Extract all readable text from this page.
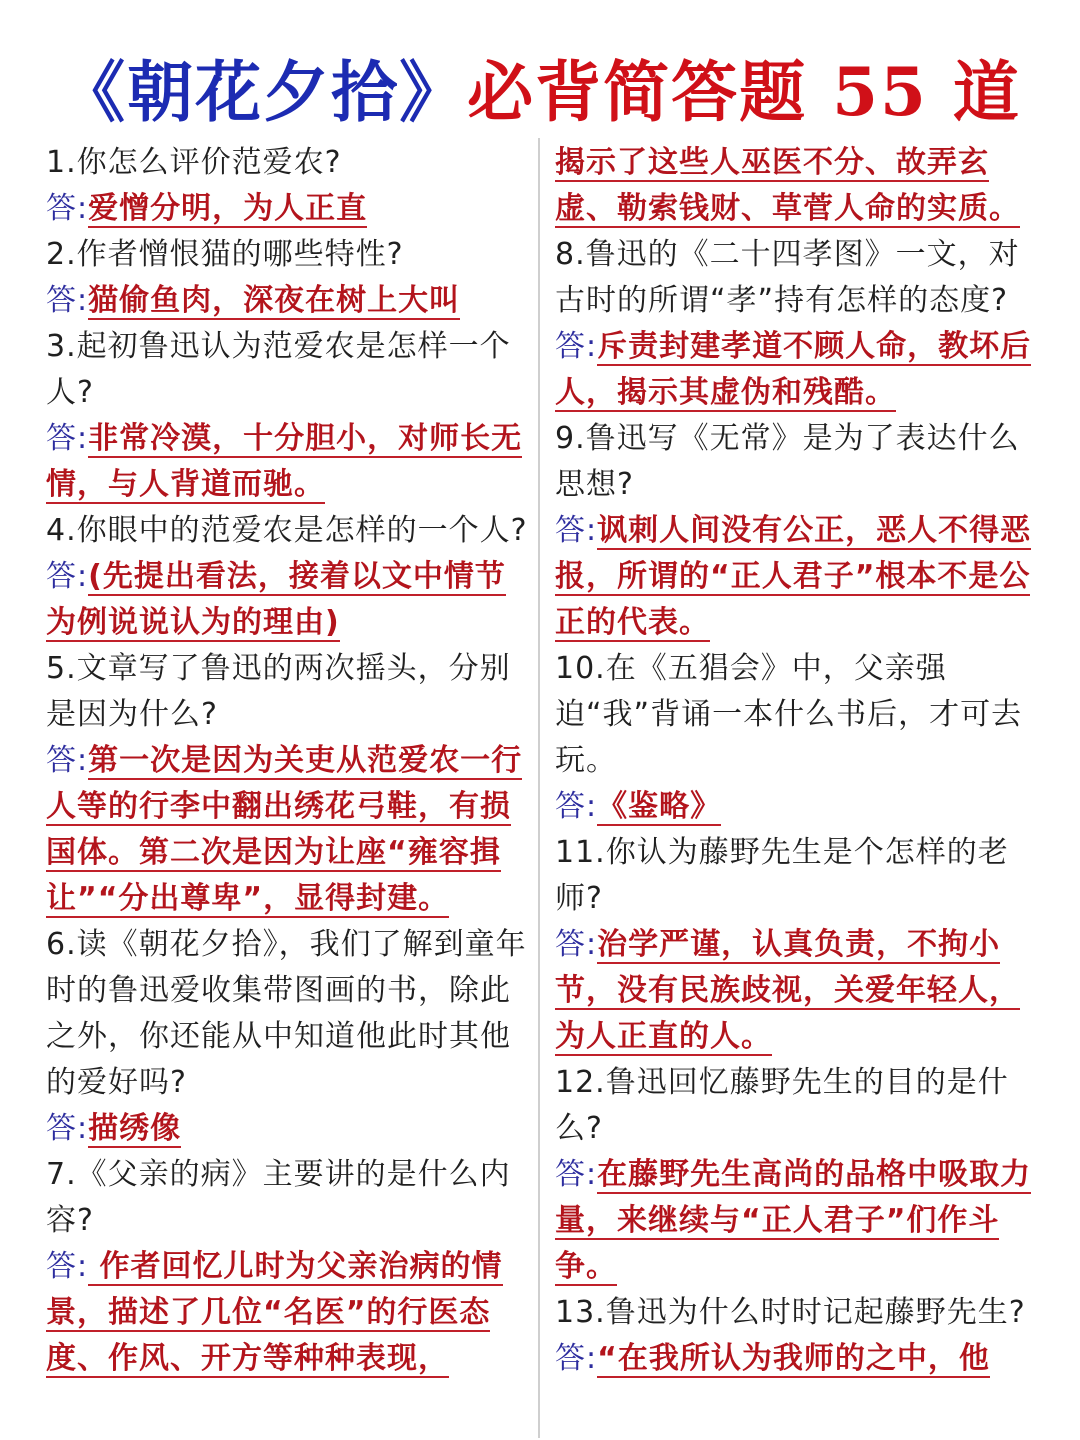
《朝花夕拾》必背简答题 55 道

1.你怎么评价范爱农?

答:爱憎分明，为人正直

2.作者憎恨猫的哪些特性?

答:猫偷鱼肉，深夜在树上大叫

3.起初鲁迅认为范爱农是怎样一个人?

答:非常冷漠，十分胆小，对师长无情，与人背道而驰。

4.你眼中的范爱农是怎样的一个人?

答:(先提出看法，接着以文中情节为例说说认为的理由)

5.文章写了鲁迅的两次摇头，分别是因为什么?

答:第一次是因为关吏从范爱农一行人等的行李中翻出绣花弓鞋，有损国体。第二次是因为让座“雍容揖让”“分出尊卑”，显得封建。

6.读《朝花夕拾》，我们了解到童年时的鲁迅爱收集带图画的书，除此之外，你还能从中知道他此时其他的爱好吗?

答:描绣像

7.《父亲的病》主要讲的是什么内容?

答: 作者回忆儿时为父亲治病的情景，描述了几位“名医”的行医态度、作风、开方等种种表现，

揭示了这些人巫医不分、故弄玄虚、勒索钱财、草菅人命的实质。

8.鲁迅的《二十四孝图》一文，对古时的所谓“孝”持有怎样的态度?

答:斥责封建孝道不顾人命，教坏后人，揭示其虚伪和残酷。

9.鲁迅写《无常》是为了表达什么思想?

答:讽刺人间没有公正，恶人不得恶报，所谓的“正人君子”根本不是公正的代表。

10.在《五猖会》中，父亲强迫“我”背诵一本什么书后，才可去玩。

答:《鉴略》

11.你认为藤野先生是个怎样的老师?

答:治学严谨，认真负责，不拘小节，没有民族歧视，关爱年轻人，为人正直的人。

12.鲁迅回忆藤野先生的目的是什么?

答:在藤野先生高尚的品格中吸取力量，来继续与“正人君子”们作斗争。

13.鲁迅为什么时时记起藤野先生?

答:“在我所认为我师的之中，他
